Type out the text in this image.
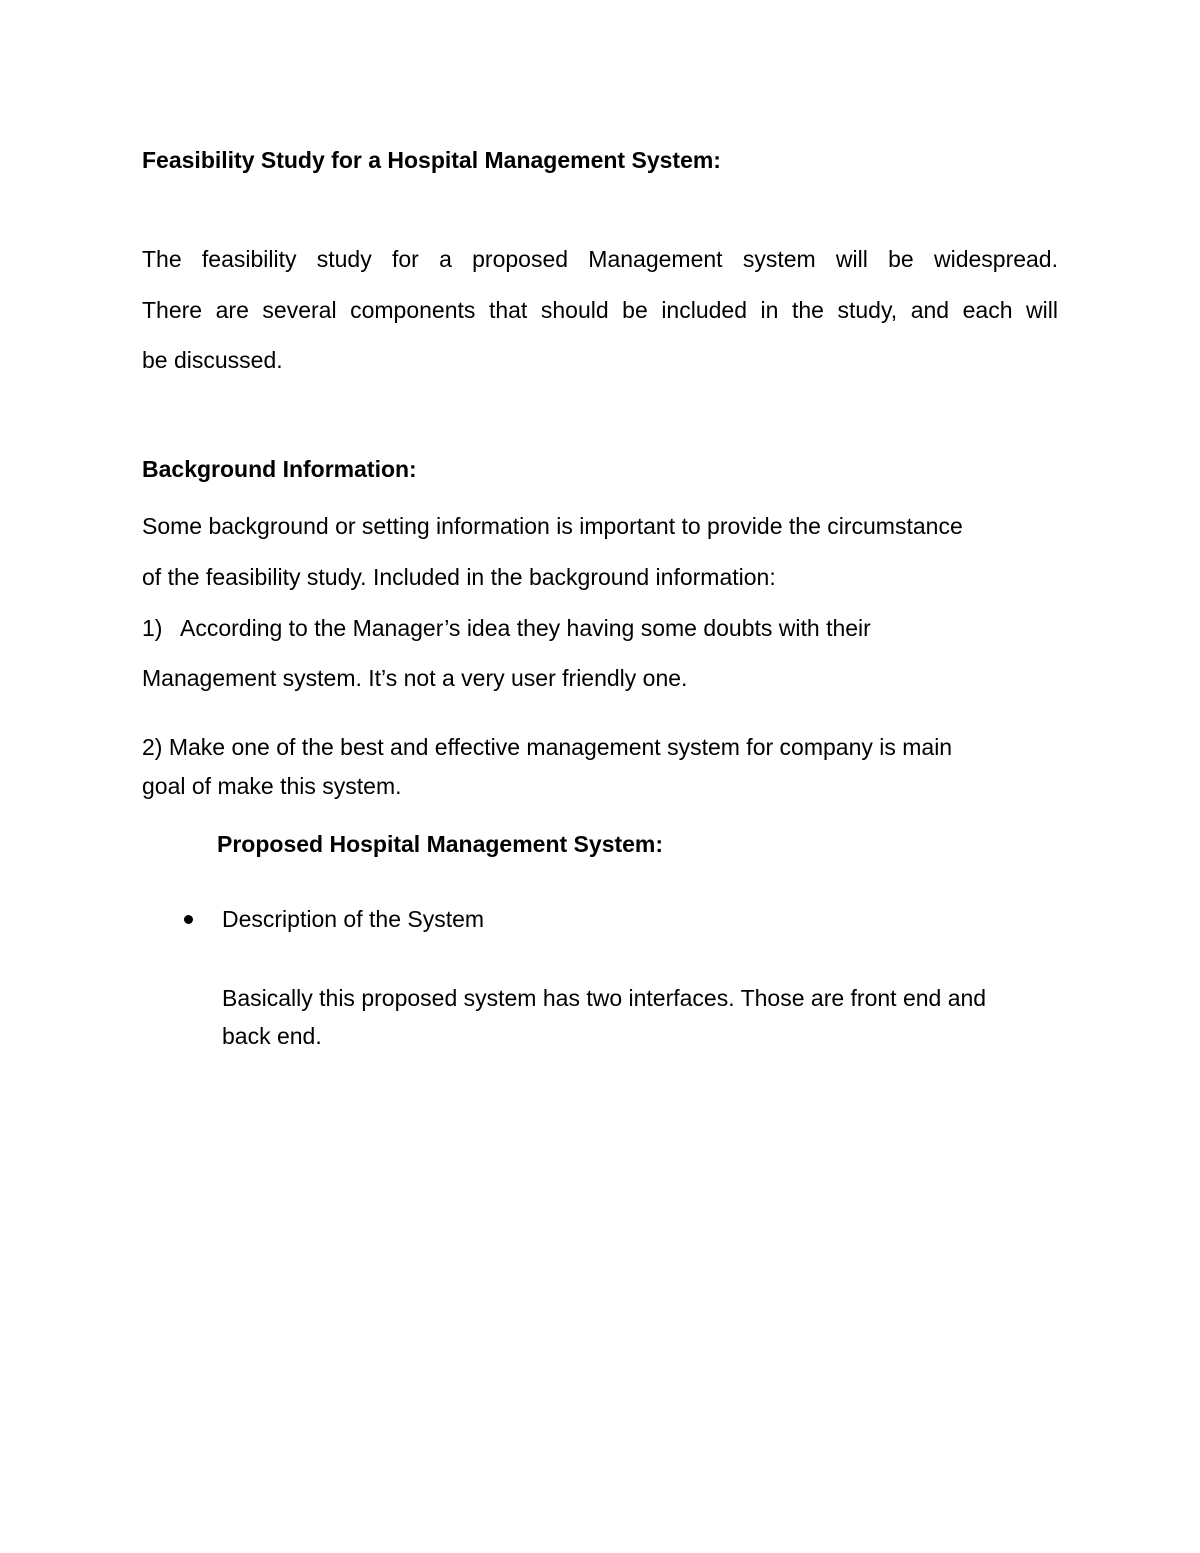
Feasibility Study for a Hospital Management System:

The feasibility study for a proposed Management system will be widespread.

There are several components that should be included in the study, and each will

be discussed.

Background Information:

Some background or setting information is important to provide the circumstance

of the feasibility study. Included in the background information:

1) According to the Manager’s idea they having some doubts with their

Management system. It’s not a very user friendly one.

2) Make one of the best and effective management system for company is main

goal of make this system.

Proposed Hospital Management System:

Description of the System

Basically this proposed system has two interfaces. Those are front end and

back end.
